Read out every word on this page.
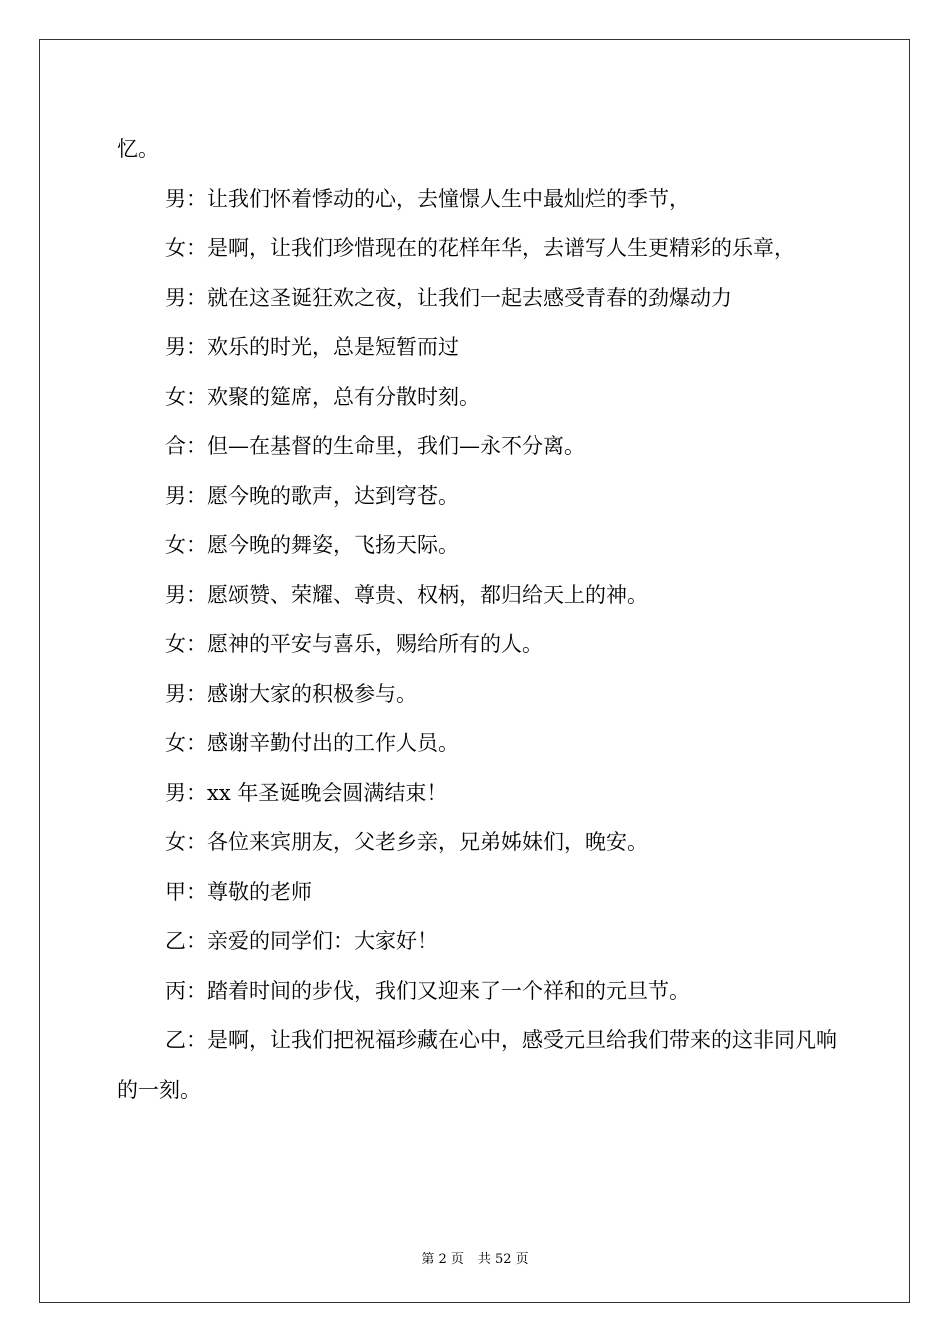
忆。

男：让我们怀着悸动的心，去憧憬人生中最灿烂的季节，

女：是啊，让我们珍惜现在的花样年华，去谱写人生更精彩的乐章，

男：就在这圣诞狂欢之夜，让我们一起去感受青春的劲爆动力

男：欢乐的时光，总是短暂而过

女：欢聚的筵席，总有分散时刻。

合：但—在基督的生命里，我们—永不分离。

男：愿今晚的歌声，达到穹苍。

女：愿今晚的舞姿，飞扬天际。

男：愿颂赞、荣耀、尊贵、权柄，都归给天上的神。

女：愿神的平安与喜乐，赐给所有的人。

男：感谢大家的积极参与。

女：感谢辛勤付出的工作人员。

男：xx 年圣诞晚会圆满结束！

女：各位来宾朋友，父老乡亲，兄弟姊妹们，晚安。

甲：尊敬的老师

乙：亲爱的同学们：大家好！

丙：踏着时间的步伐，我们又迎来了一个祥和的元旦节。

乙：是啊，让我们把祝福珍藏在心中，感受元旦给我们带来的这非同凡响的一刻。

第 2 页 共 52 页
